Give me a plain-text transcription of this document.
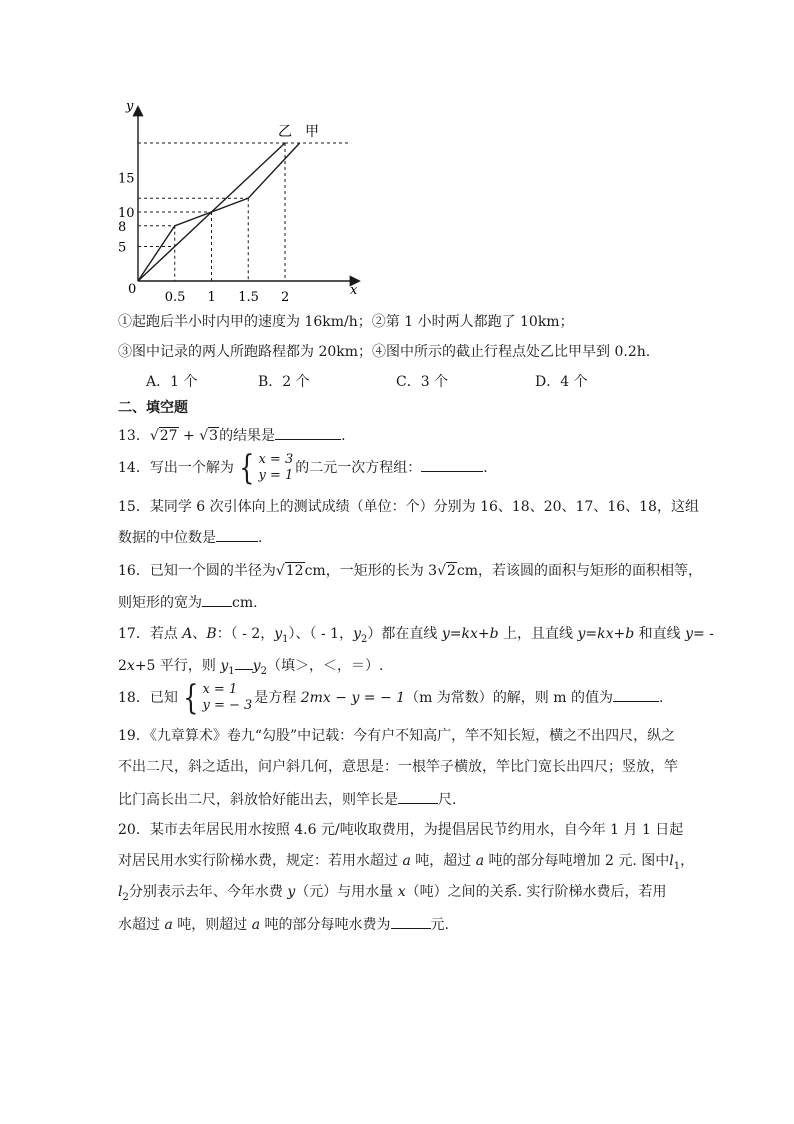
5
8
10
15
0.5 1 1.5 2
y
x
0
乙 甲
①起跑后半小时内甲的速度为 16km/h；②第 1 小时两人都跑了 10km；
③图中记录的两人所跑路程都为 20km；④图中所示的截止行程点处乙比甲早到 0.2h.
A．1 个	B．2 个	C．3 个	D．4 个
二、填空题
13．√27 + √3的结果是	.
14．写出一个解为 { x = 3
y = 1 的二元一次方程组：	.
15．某同学 6 次引体向上的测试成绩（单位：个）分别为 16、18、20、17、16、18，这组
数据的中位数是	.
16．已知一个圆的半径为√12cm，一矩形的长为 3√2cm，若该圆的面积与矩形的面积相等，
则矩形的宽为 cm.
17．若点 A、B：（ - 2，$y_1$）、（ - 1，$y_2$）都在直线 y=kx+b 上，且直线 y=kx+b 和直线 y= -
2x+5 平行，则 $y_1$ $y_2$（填＞，＜，＝）.
18．已知 { x = 1
y = − 3 是方程 2mx − y = − 1（m 为常数）的解，则 m 的值为	.
19．《九章算术》卷九“勾股”中记载：今有户不知高广，竿不知长短，横之不出四尺，纵之
不出二尺，斜之适出，问户斜几何，意思是：一根竿子横放，竿比门宽长出四尺；竖放，竿
比门高长出二尺，斜放恰好能出去，则竿长是	尺.
20．某市去年居民用水按照 4.6 元/吨收取费用，为提倡居民节约用水，自今年 1 月 1 日起
对居民用水实行阶梯水费，规定：若用水超过 a 吨，超过 a 吨的部分每吨增加 2 元. 图中$l_1$，
$l_2$分别表示去年、今年水费 y（元）与用水量 x（吨）之间的关系. 实行阶梯水费后，若用
水超过 a 吨，则超过 a 吨的部分每吨水费为	元.
